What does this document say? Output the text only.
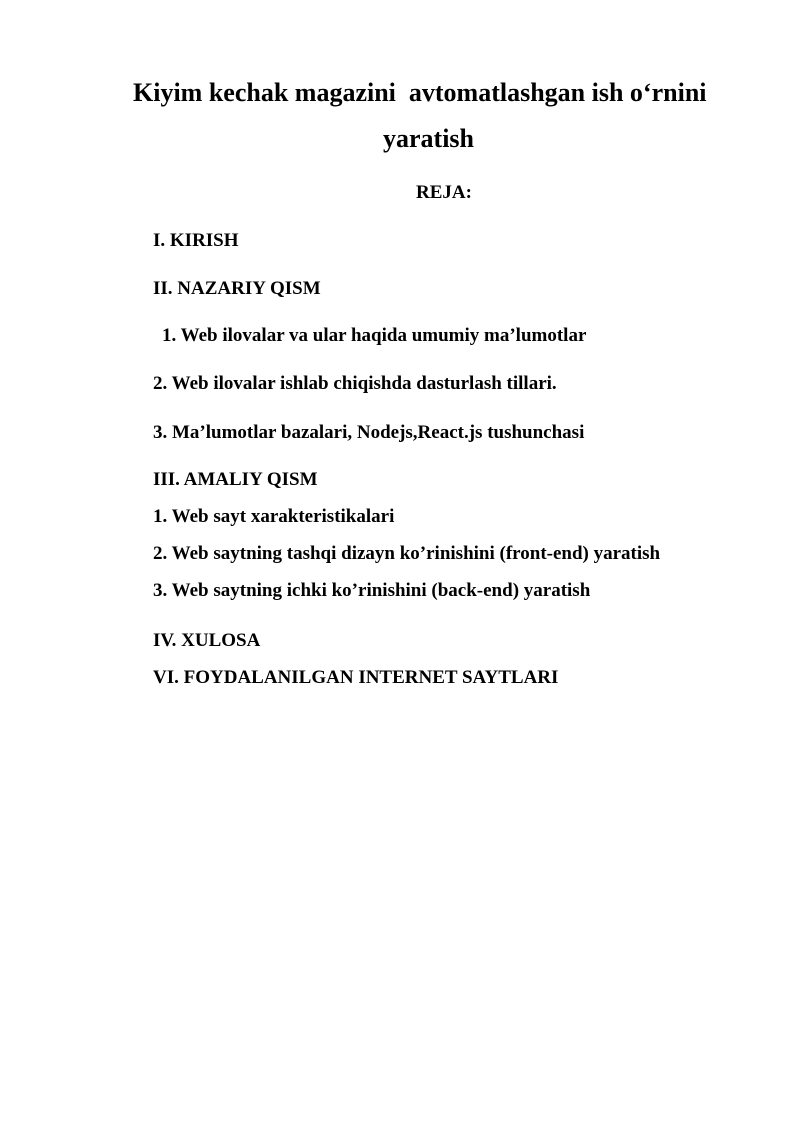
Kiyim kechak magazini  avtomatlashgan ish o‘rnini
yaratish
REJA:
I. KIRISH
II. NAZARIY QISM
1. Web ilovalar va ular haqida umumiy ma’lumotlar
2. Web ilovalar ishlab chiqishda dasturlash tillari.
3. Ma’lumotlar bazalari, Nodejs,React.js tushunchasi
III. AMALIY QISM
1. Web sayt xarakteristikalari
2. Web saytning tashqi dizayn ko’rinishini (front-end) yaratish
3. Web saytning ichki ko’rinishini (back-end) yaratish
IV. XULOSA
VI. FOYDALANILGAN INTERNET SAYTLARI
